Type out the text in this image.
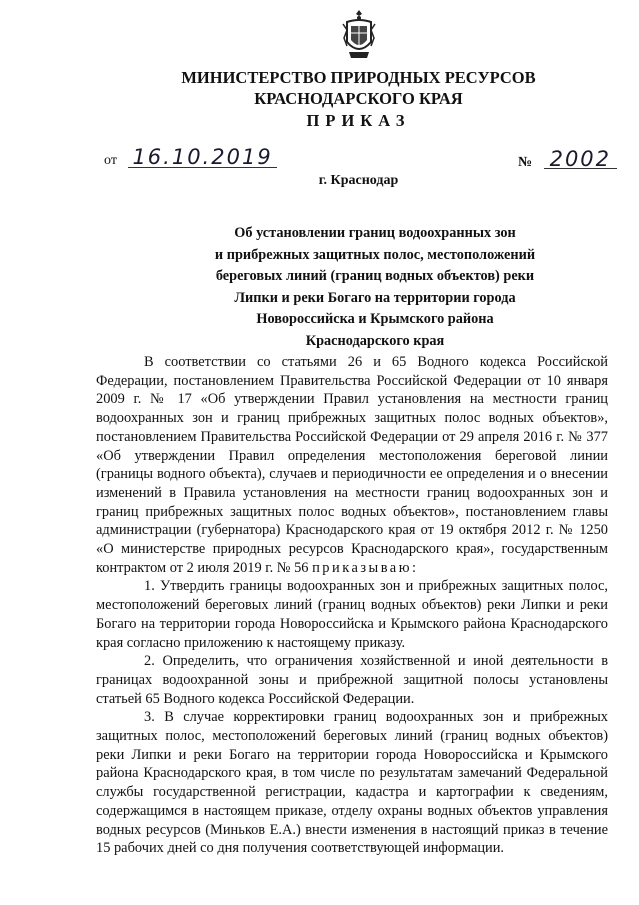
МИНИСТЕРСТВО ПРИРОДНЫХ РЕСУРСОВ
КРАСНОДАРСКОГО КРАЯ
ПРИКАЗ
от 16.10.2019	№ 2002
г. Краснодар
Об установлении границ водоохранных зон
и прибрежных защитных полос, местоположений
береговых линий (границ водных объектов) реки
Липки и реки Богаго на территории города
Новороссийска и Крымского района
Краснодарского края

В соответствии со статьями 26 и 65 Водного кодекса Российской Федерации, постановлением Правительства Российской Федерации от 10 января 2009 г. № 17 «Об утверждении Правил установления на местности границ водоохранных зон и границ прибрежных защитных полос водных объектов», постановлением Правительства Российской Федерации от 29 апреля 2016 г. № 377 «Об утверждении Правил определения местоположения береговой линии (границы водного объекта), случаев и периодичности ее определения и о внесении изменений в Правила установления на местности границ водоохранных зон и границ прибрежных защитных полос водных объектов», постановлением главы администрации (губернатора) Краснодарского края от 19 октября 2012 г. № 1250 «О министерстве природных ресурсов Краснодарского края», государственным контрактом от 2 июля 2019 г. № 56 приказываю:

1. Утвердить границы водоохранных зон и прибрежных защитных полос, местоположений береговых линий (границ водных объектов) реки Липки и реки Богаго на территории города Новороссийска и Крымского района Краснодарского края согласно приложению к настоящему приказу.

2. Определить, что ограничения хозяйственной и иной деятельности в границах водоохранной зоны и прибрежной защитной полосы установлены статьей 65 Водного кодекса Российской Федерации.

3. В случае корректировки границ водоохранных зон и прибрежных защитных полос, местоположений береговых линий (границ водных объектов) реки Липки и реки Богаго на территории города Новороссийска и Крымского района Краснодарского края, в том числе по результатам замечаний Федеральной службы государственной регистрации, кадастра и картографии к сведениям, содержащимся в настоящем приказе, отделу охраны водных объектов управления водных ресурсов (Миньков Е.А.) внести изменения в настоящий приказ в течение 15 рабочих дней со дня получения соответствующей информации.
